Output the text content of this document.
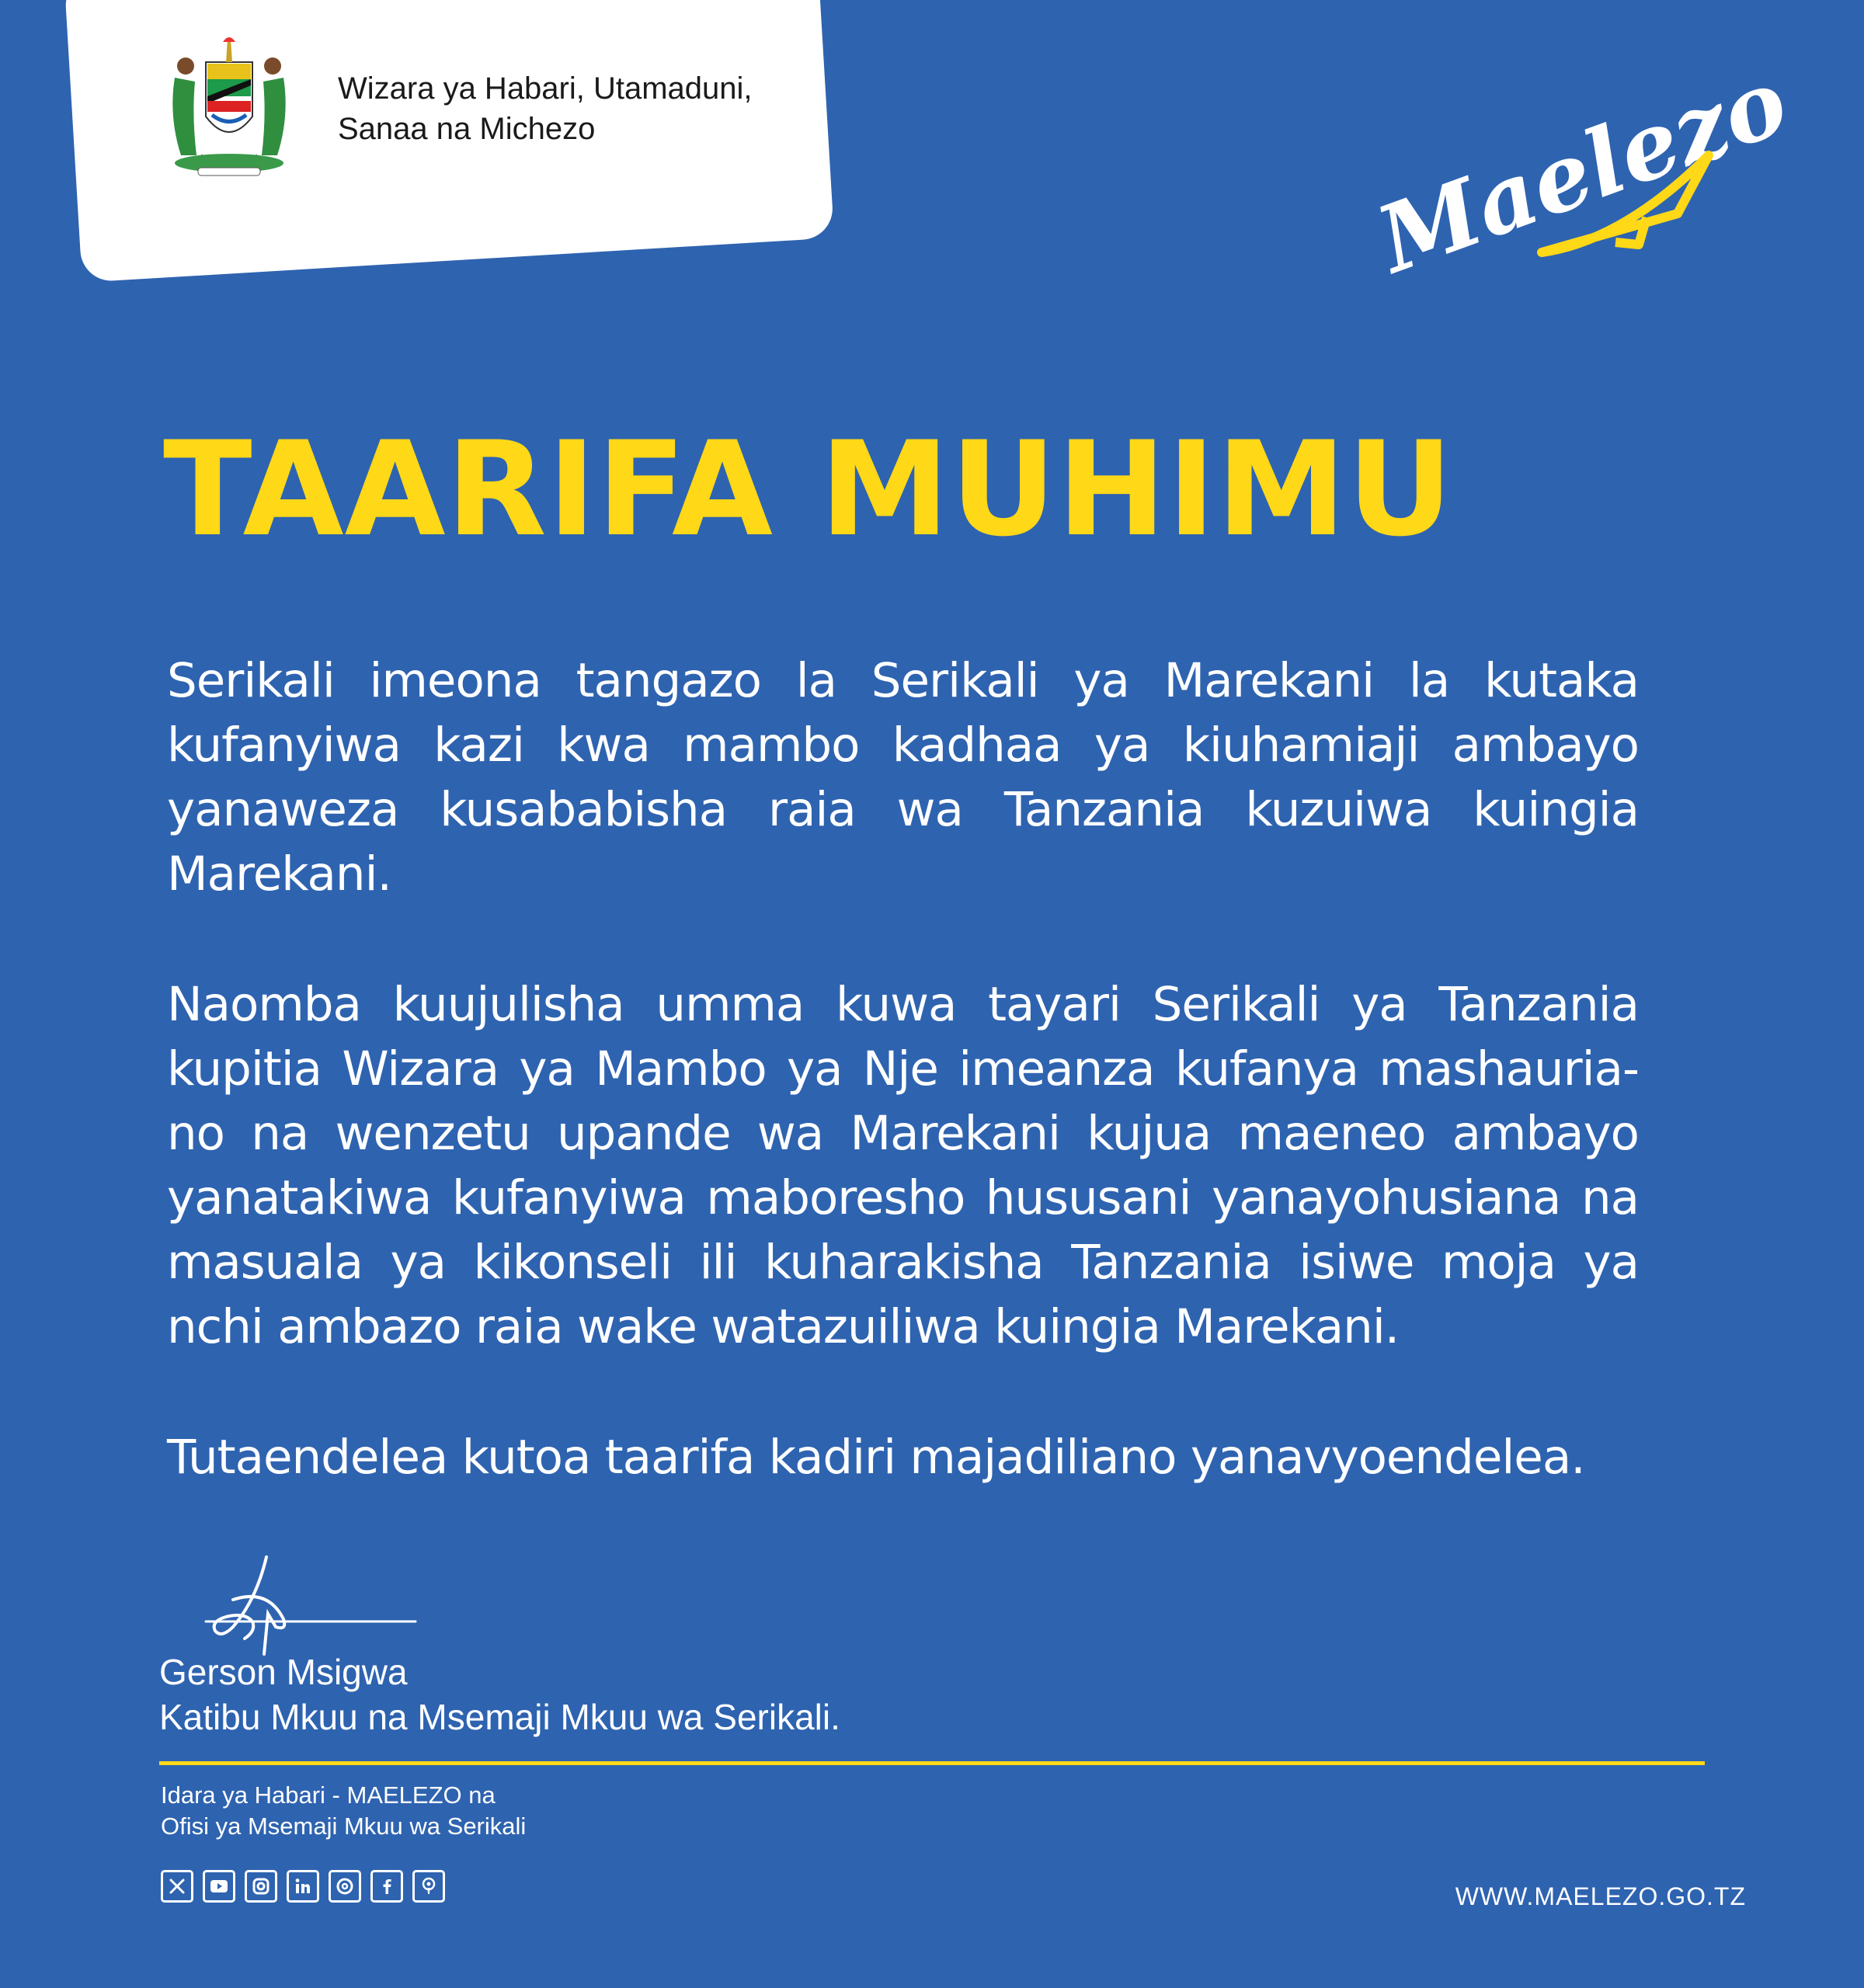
Wizara ya Habari, Utamaduni,
Sanaa na Michezo	Maelezo
TAARIFA MUHIMU

Serikali imeona tangazo la Serikali ya Marekani la kutaka kufanyiwa kazi kwa mambo kadhaa ya kiuhamiaji ambayo yanaweza kusababisha raia wa Tanzania kuzuiwa kuingia Marekani.

Naomba kuujulisha umma kuwa tayari Serikali ya Tanzania kupitia Wizara ya Mambo ya Nje imeanza kufanya mashauria-no na wenzetu upande wa Marekani kujua maeneo ambayo yanatakiwa kufanyiwa maboresho hususani yanayohusiana na masuala ya kikonseli ili kuharakisha Tanzania isiwe moja ya nchi ambazo raia wake watazuiliwa kuingia Marekani.

Tutaendelea kutoa taarifa kadiri majadiliano yanavyoendelea.

Gerson Msigwa
Katibu Mkuu na Msemaji Mkuu wa Serikali.
Idara ya Habari - MAELEZO na
Ofisi ya Msemaji Mkuu wa Serikali
WWW.MAELEZO.GO.TZ
